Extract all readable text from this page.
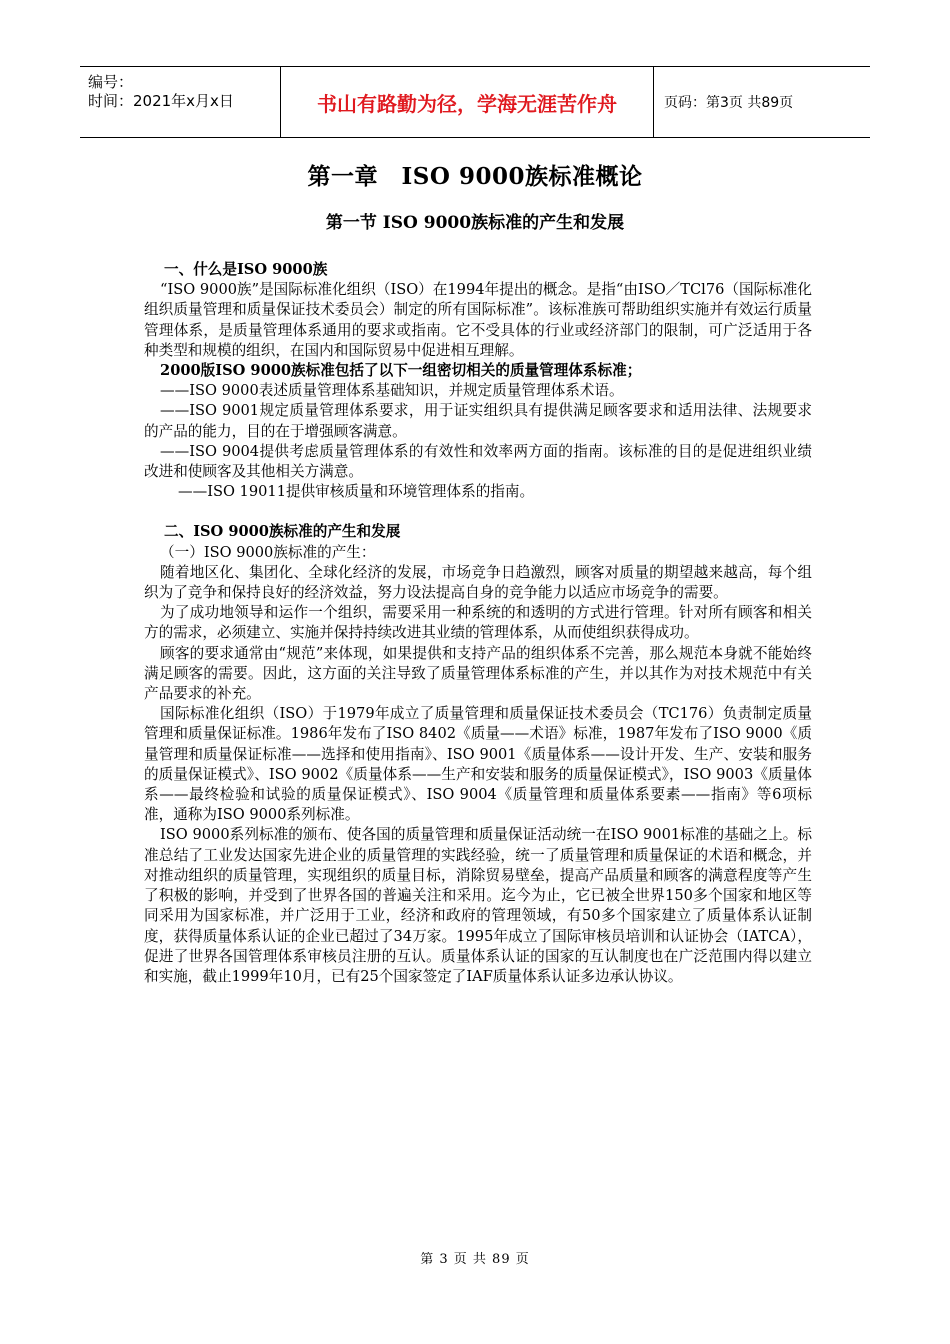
编号：
时间：2021年x月x日	书山有路勤为径，学海无涯苦作舟	页码：第3页 共89页
第一章　ISO 9000族标准概论
第一节 ISO 9000族标准的产生和发展

一、什么是ISO 9000族

“ISO 9000族”是国际标准化组织（ISO）在1994年提出的概念。是指“由ISO／TCl76（国际标准化组织质量管理和质量保证技术委员会）制定的所有国际标准”。该标准族可帮助组织实施并有效运行质量管理体系，是质量管理体系通用的要求或指南。它不受具体的行业或经济部门的限制，可广泛适用于各种类型和规模的组织，在国内和国际贸易中促进相互理解。

2000版ISO 9000族标准包括了以下一组密切相关的质量管理体系标准；

——ISO 9000表述质量管理体系基础知识，并规定质量管理体系术语。

——ISO 9001规定质量管理体系要求，用于证实组织具有提供满足顾客要求和适用法律、法规要求的产品的能力，目的在于增强顾客满意。

——ISO 9004提供考虑质量管理体系的有效性和效率两方面的指南。该标准的目的是促进组织业绩改进和使顾客及其他相关方满意。

——ISO 19011提供审核质量和环境管理体系的指南。

二、ISO 9000族标准的产生和发展

（一）ISO 9000族标准的产生：

随着地区化、集团化、全球化经济的发展，市场竞争日趋激烈，顾客对质量的期望越来越高，每个组织为了竞争和保持良好的经济效益，努力设法提高自身的竞争能力以适应市场竞争的需要。

为了成功地领导和运作一个组织，需要采用一种系统的和透明的方式进行管理。针对所有顾客和相关方的需求，必须建立、实施并保持持续改进其业绩的管理体系，从而使组织获得成功。

顾客的要求通常由“规范”来体现，如果提供和支持产品的组织体系不完善，那么规范本身就不能始终满足顾客的需要。因此，这方面的关注导致了质量管理体系标准的产生，并以其作为对技术规范中有关产品要求的补充。

国际标准化组织（ISO）于1979年成立了质量管理和质量保证技术委员会（TC176）负责制定质量管理和质量保证标准。1986年发布了ISO 8402《质量——术语》标准，1987年发布了ISO 9000《质量管理和质量保证标准——选择和使用指南》、ISO 9001《质量体系——设计开发、生产、安装和服务的质量保证模式》、ISO 9002《质量体系——生产和安装和服务的质量保证模式》，ISO 9003《质量体系——最终检验和试验的质量保证模式》、ISO 9004《质量管理和质量体系要素——指南》等6项标准，通称为ISO 9000系列标准。

ISO 9000系列标准的颁布、使各国的质量管理和质量保证活动统一在ISO 9001标准的基础之上。标准总结了工业发达国家先进企业的质量管理的实践经验，统一了质量管理和质量保证的术语和概念，并对推动组织的质量管理，实现组织的质量目标，消除贸易壁垒，提高产品质量和顾客的满意程度等产生了积极的影响，并受到了世界各国的普遍关注和采用。迄今为止，它已被全世界150多个国家和地区等同采用为国家标准，并广泛用于工业，经济和政府的管理领域，有50多个国家建立了质量体系认证制度，获得质量体系认证的企业已超过了34万家。1995年成立了国际审核员培训和认证协会（IATCA），促进了世界各国管理体系审核员注册的互认。质量体系认证的国家的互认制度也在广泛范围内得以建立和实施，截止1999年10月，已有25个国家签定了IAF质量体系认证多边承认协议。

第 3 页 共 89 页
